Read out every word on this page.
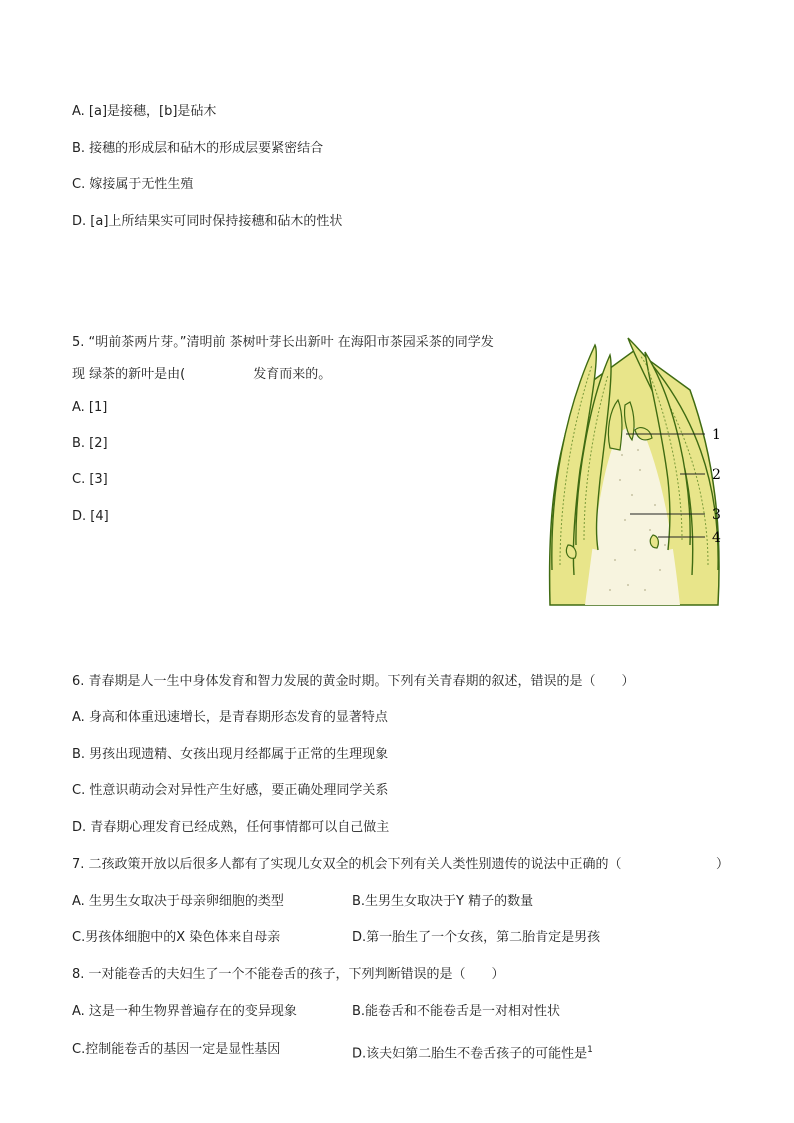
A. [a]是接穗，[b]是砧木
B. 接穗的形成层和砧木的形成层要紧密结合
C. 嫁接属于无性生殖
D. [a]上所结果实可同时保持接穗和砧木的性状
5. “明前茶两片芽。”清明前 茶树叶芽长出新叶 在海阳市茶园采茶的同学发
现 绿茶的新叶是由(	发育而来的。
A. [1]
B. [2]
C. [3]
D. [4]
1
2
3
4
6. 青春期是人一生中身体发育和智力发展的黄金时期。下列有关青春期的叙述，错误的是（　　）
A. 身高和体重迅速增长，是青春期形态发育的显著特点
B. 男孩出现遗精、女孩出现月经都属于正常的生理现象
C. 性意识萌动会对异性产生好感，要正确处理同学关系
D. 青春期心理发育已经成熟，任何事情都可以自己做主
7. 二孩政策开放以后很多人都有了实现儿女双全的机会下列有关人类性别遗传的说法中正确的（	）
A. 生男生女取决于母亲卵细胞的类型	B.生男生女取决于Y 精子的数量
C.男孩体细胞中的X 染色体来自母亲	D.第一胎生了一个女孩，第二胎肯定是男孩
8. 一对能卷舌的夫妇生了一个不能卷舌的孩子，下列判断错误的是（　　）
A. 这是一种生物界普遍存在的变异现象	B.能卷舌和不能卷舌是一对相对性状
C.控制能卷舌的基因一定是显性基因	D.该夫妇第二胎生不卷舌孩子的可能性是$^1$
